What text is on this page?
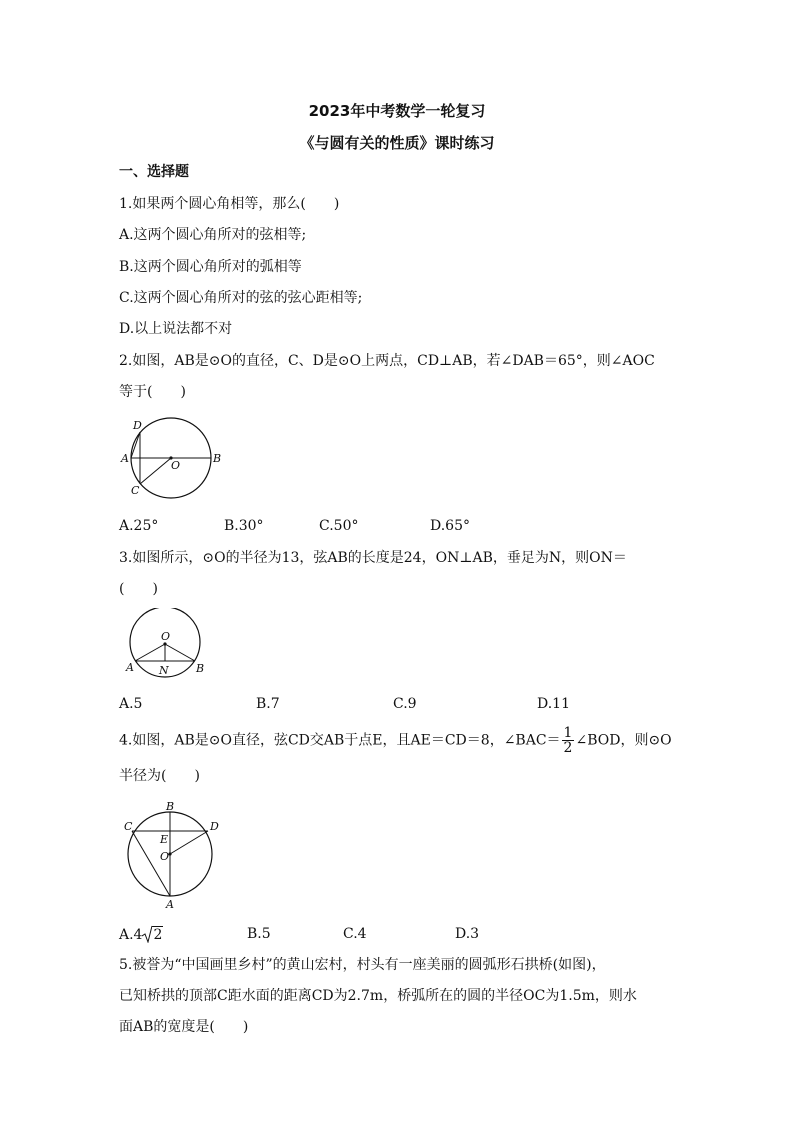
2023年中考数学一轮复习
《与圆有关的性质》课时练习
一、选择题
1.如果两个圆心角相等，那么(　　)
A.这两个圆心角所对的弦相等;
B.这两个圆心角所对的弧相等
C.这两个圆心角所对的弦的弦心距相等;
D.以上说法都不对
2.如图，AB是⊙O的直径，C、D是⊙O上两点，CD⊥AB，若∠DAB＝65°，则∠AOC
等于(　　)
D
A
O
B
C
A.25°	B.30°	C.50°	D.65°
3.如图所示，⊙O的半径为13，弦AB的长度是24，ON⊥AB，垂足为N，则ON＝
(　　)
O
A N B
A.5	B.7	C.9	D.11
4.如图，AB是⊙O直径，弦CD交AB于点E，且AE＝CD＝8，∠BAC＝ $\frac{1}{2}$ ∠BOD，则⊙O
半径为(　　)
B
C	D
E
O
A
A.4 2	B.5	C.4	D.3
5.被誉为“中国画里乡村”的黄山宏村，村头有一座美丽的圆弧形石拱桥(如图)，
已知桥拱的顶部C距水面的距离CD为2.7m，桥弧所在的圆的半径OC为1.5m，则水
面AB的宽度是(　　)
